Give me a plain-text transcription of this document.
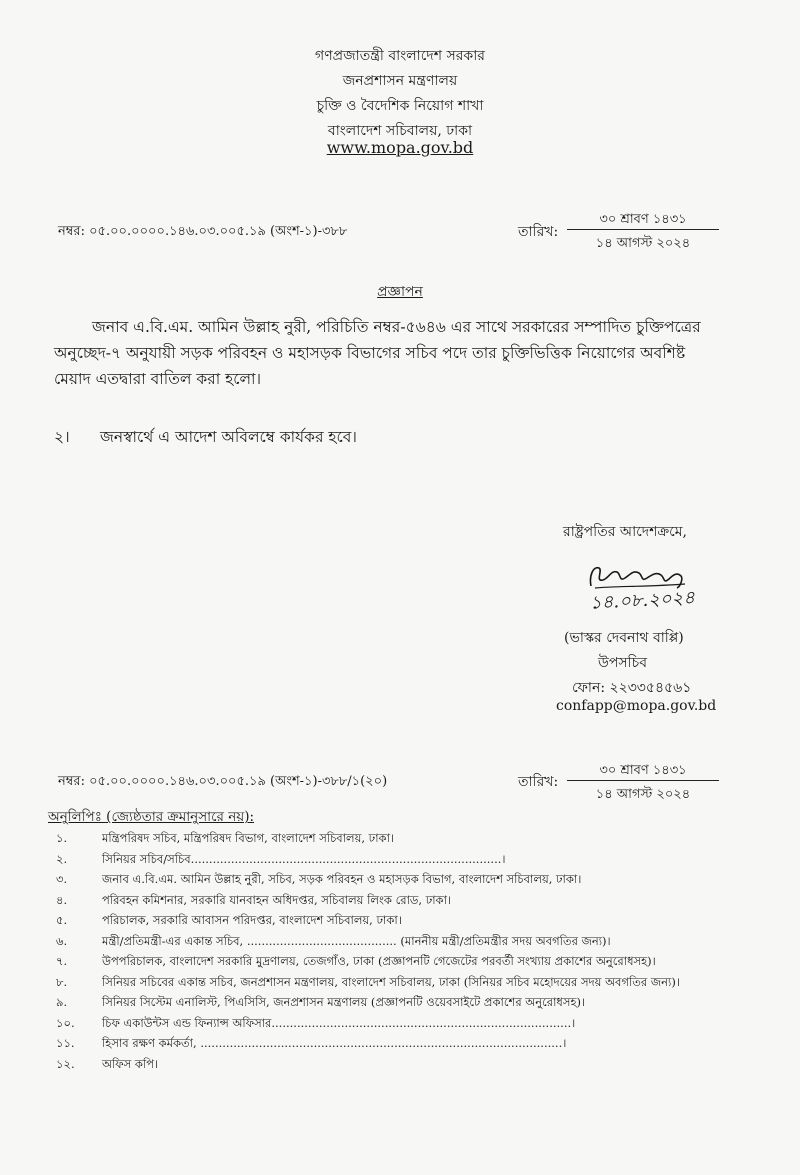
গণপ্রজাতন্ত্রী বাংলাদেশ সরকার
জনপ্রশাসন মন্ত্রণালয়
চুক্তি ও বৈদেশিক নিয়োগ শাখা
বাংলাদেশ সচিবালয়, ঢাকা
www.mopa.gov.bd
নম্বর: ০৫.০০.০০০০.১৪৬.০৩.০০৫.১৯ (অংশ-১)-৩৮৮	তারিখ:
৩০ শ্রাবণ ১৪৩১
১৪ আগস্ট ২০২৪
প্রজ্ঞাপন
জনাব এ.বি.এম. আমিন উল্লাহ নুরী, পরিচিতি নম্বর-৫৬৪৬ এর সাথে সরকারের সম্পাদিত চুক্তিপত্রের অনুচ্ছেদ-৭ অনুযায়ী সড়ক পরিবহন ও মহাসড়ক বিভাগের সচিব পদে তার চুক্তিভিত্তিক নিয়োগের অবশিষ্ট মেয়াদ এতদ্বারা বাতিল করা হলো।
২। জনস্বার্থে এ আদেশ অবিলম্বে কার্যকর হবে।
রাষ্ট্রপতির আদেশক্রমে,
১৪.০৮.২০২৪
(ভাস্কর দেবনাথ বাপ্পি)
উপসচিব
ফোন: ২২৩৩৫৪৫৬১
confapp@mopa.gov.bd
নম্বর: ০৫.০০.০০০০.১৪৬.০৩.০০৫.১৯ (অংশ-১)-৩৮৮/১(২০)	তারিখ:
৩০ শ্রাবণ ১৪৩১
১৪ আগস্ট ২০২৪
অনুলিপিঃ (জ্যেষ্ঠতার ক্রমানুসারে নয়):
১.	মন্ত্রিপরিষদ সচিব, মন্ত্রিপরিষদ বিভাগ, বাংলাদেশ সচিবালয়, ঢাকা।
২.	সিনিয়র সচিব/সচিব.....................................................................................।
৩.	জনাব এ.বি.এম. আমিন উল্লাহ নুরী, সচিব, সড়ক পরিবহন ও মহাসড়ক বিভাগ, বাংলাদেশ সচিবালয়, ঢাকা।
৪.	পরিবহন কমিশনার, সরকারি যানবাহন অধিদপ্তর, সচিবালয় লিংক রোড, ঢাকা।
৫.	পরিচালক, সরকারি আবাসন পরিদপ্তর, বাংলাদেশ সচিবালয়, ঢাকা।
৬.	মন্ত্রী/প্রতিমন্ত্রী-এর একান্ত সচিব, ......................................... (মাননীয় মন্ত্রী/প্রতিমন্ত্রীর সদয় অবগতির জন্য)।
৭.	উপপরিচালক, বাংলাদেশ সরকারি মুদ্রণালয়, তেজগাঁও, ঢাকা (প্রজ্ঞাপনটি গেজেটের পরবর্তী সংখ্যায় প্রকাশের অনুরোধসহ)।
৮.	সিনিয়র সচিবের একান্ত সচিব, জনপ্রশাসন মন্ত্রণালয়, বাংলাদেশ সচিবালয়, ঢাকা (সিনিয়র সচিব মহোদয়ের সদয় অবগতির জন্য)।
৯.	সিনিয়র সিস্টেম এনালিস্ট, পিএসিসি, জনপ্রশাসন মন্ত্রণালয় (প্রজ্ঞাপনটি ওয়েবসাইটে প্রকাশের অনুরোধসহ)।
১০.	চিফ একাউন্টস এন্ড ফিন্যান্স অফিসার..................................................................................।
১১.	হিসাব রক্ষণ কর্মকর্তা, ...................................................................................................।
১২.	অফিস কপি।
